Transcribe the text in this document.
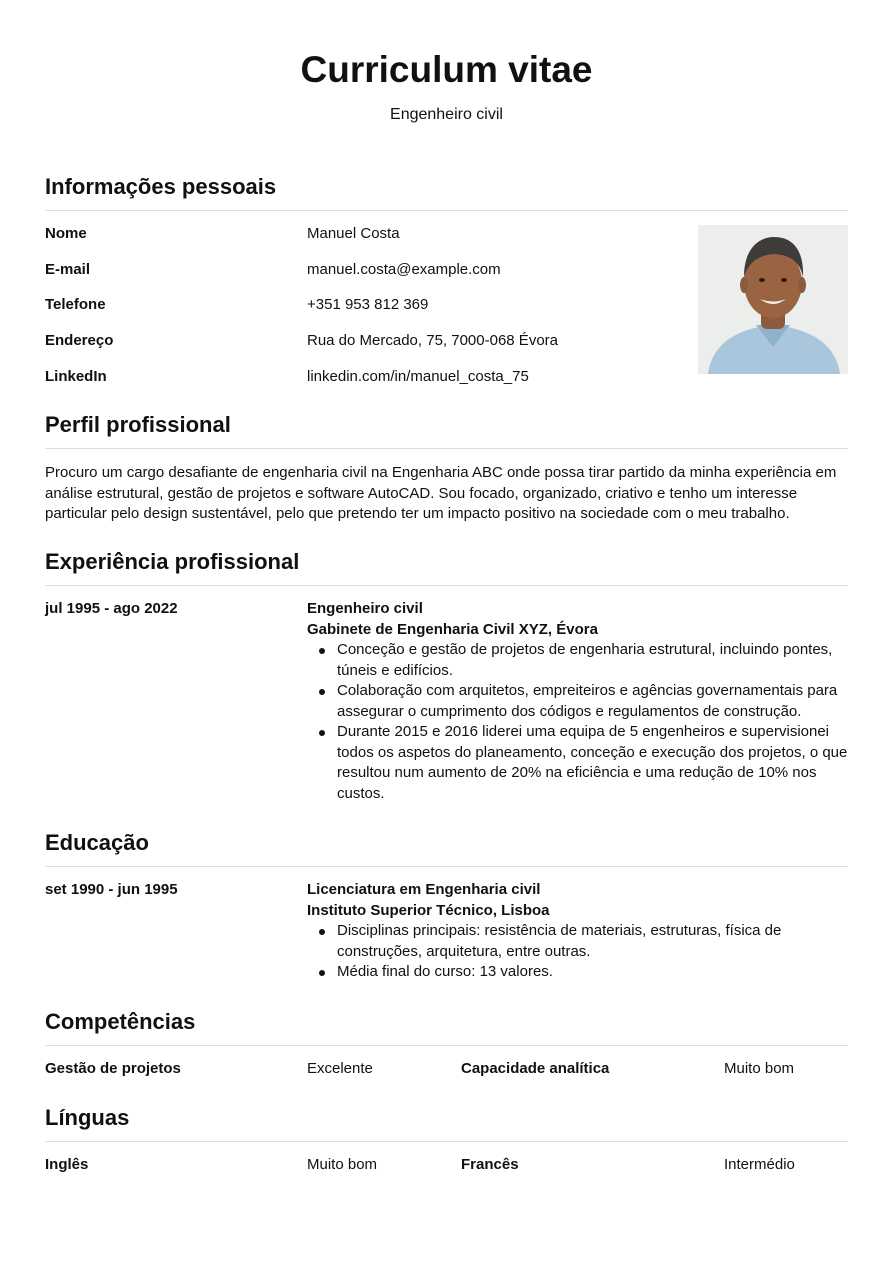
Curriculum vitae

Engenheiro civil

Informações pessoais
Nome	Manuel Costa
E-mail	manuel.costa@example.com
Telefone	+351 953 812 369
Endereço	Rua do Mercado, 75, 7000-068 Évora
LinkedIn	linkedin.com/in/manuel_costa_75
Perfil profissional

Procuro um cargo desafiante de engenharia civil na Engenharia ABC onde possa tirar partido da minha experiência em análise estrutural, gestão de projetos e software AutoCAD. Sou focado, organizado, criativo e tenho um interesse particular pelo design sustentável, pelo que pretendo ter um impacto positivo na sociedade com o meu trabalho.

Experiência profissional
jul 1995 - ago 2022	Engenheiro civil
Gabinete de Engenharia Civil XYZ, Évora
Conceção e gestão de projetos de engenharia estrutural, incluindo pontes, túneis e edifícios.
Colaboração com arquitetos, empreiteiros e agências governamentais para assegurar o cumprimento dos códigos e regulamentos de construção.
Durante 2015 e 2016 liderei uma equipa de 5 engenheiros e supervisionei todos os aspetos do planeamento, conceção e execução dos projetos, o que resultou num aumento de 20% na eficiência e uma redução de 10% nos custos.
Educação
set 1990 - jun 1995	Licenciatura em Engenharia civil
Instituto Superior Técnico, Lisboa
Disciplinas principais: resistência de materiais, estruturas, física de construções, arquitetura, entre outras.
Média final do curso: 13 valores.
Competências
Gestão de projetos	Excelente	Capacidade analítica	Muito bom
Línguas
Inglês	Muito bom	Francês	Intermédio
